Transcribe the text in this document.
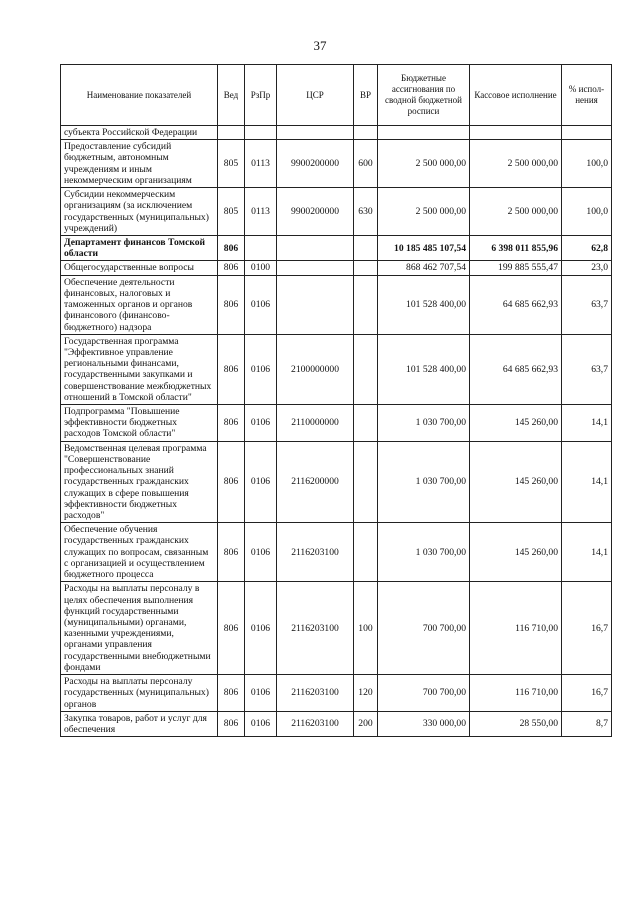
37
Наименование показателей	Вед	РзПр	ЦСР	ВР	Бюджетные ассигнования по сводной бюджетной росписи	Кассовое исполнение	% испол-нения
субъекта Российской Федерации							
Предоставление субсидий бюджетным, автономным учреждениям и иным некоммерческим организациям	805	0113	9900200000	600	2 500 000,00	2 500 000,00	100,0
Субсидии некоммерческим организациям (за исключением государственных (муниципальных) учреждений)	805	0113	9900200000	630	2 500 000,00	2 500 000,00	100,0
Департамент финансов Томской области	806				10 185 485 107,54	6 398 011 855,96	62,8
Общегосударственные вопросы	806	0100			868 462 707,54	199 885 555,47	23,0
Обеспечение деятельности финансовых, налоговых и таможенных органов и органов финансового (финансово-бюджетного) надзора	806	0106			101 528 400,00	64 685 662,93	63,7
Государственная программа "Эффективное управление региональными финансами, государственными закупками и совершенствование межбюджетных отношений в Томской области"	806	0106	2100000000		101 528 400,00	64 685 662,93	63,7
Подпрограмма "Повышение эффективности бюджетных расходов Томской области"	806	0106	2110000000		1 030 700,00	145 260,00	14,1
Ведомственная целевая программа "Совершенствование профессиональных знаний государственных гражданских служащих в сфере повышения эффективности бюджетных расходов"	806	0106	2116200000		1 030 700,00	145 260,00	14,1
Обеспечение обучения государственных гражданских служащих по вопросам, связанным с организацией и осуществлением бюджетного процесса	806	0106	2116203100		1 030 700,00	145 260,00	14,1
Расходы на выплаты персоналу в целях обеспечения выполнения функций государственными (муниципальными) органами, казенными учреждениями, органами управления государственными внебюджетными фондами	806	0106	2116203100	100	700 700,00	116 710,00	16,7
Расходы на выплаты персоналу государственных (муниципальных) органов	806	0106	2116203100	120	700 700,00	116 710,00	16,7
Закупка товаров, работ и услуг для обеспечения	806	0106	2116203100	200	330 000,00	28 550,00	8,7
